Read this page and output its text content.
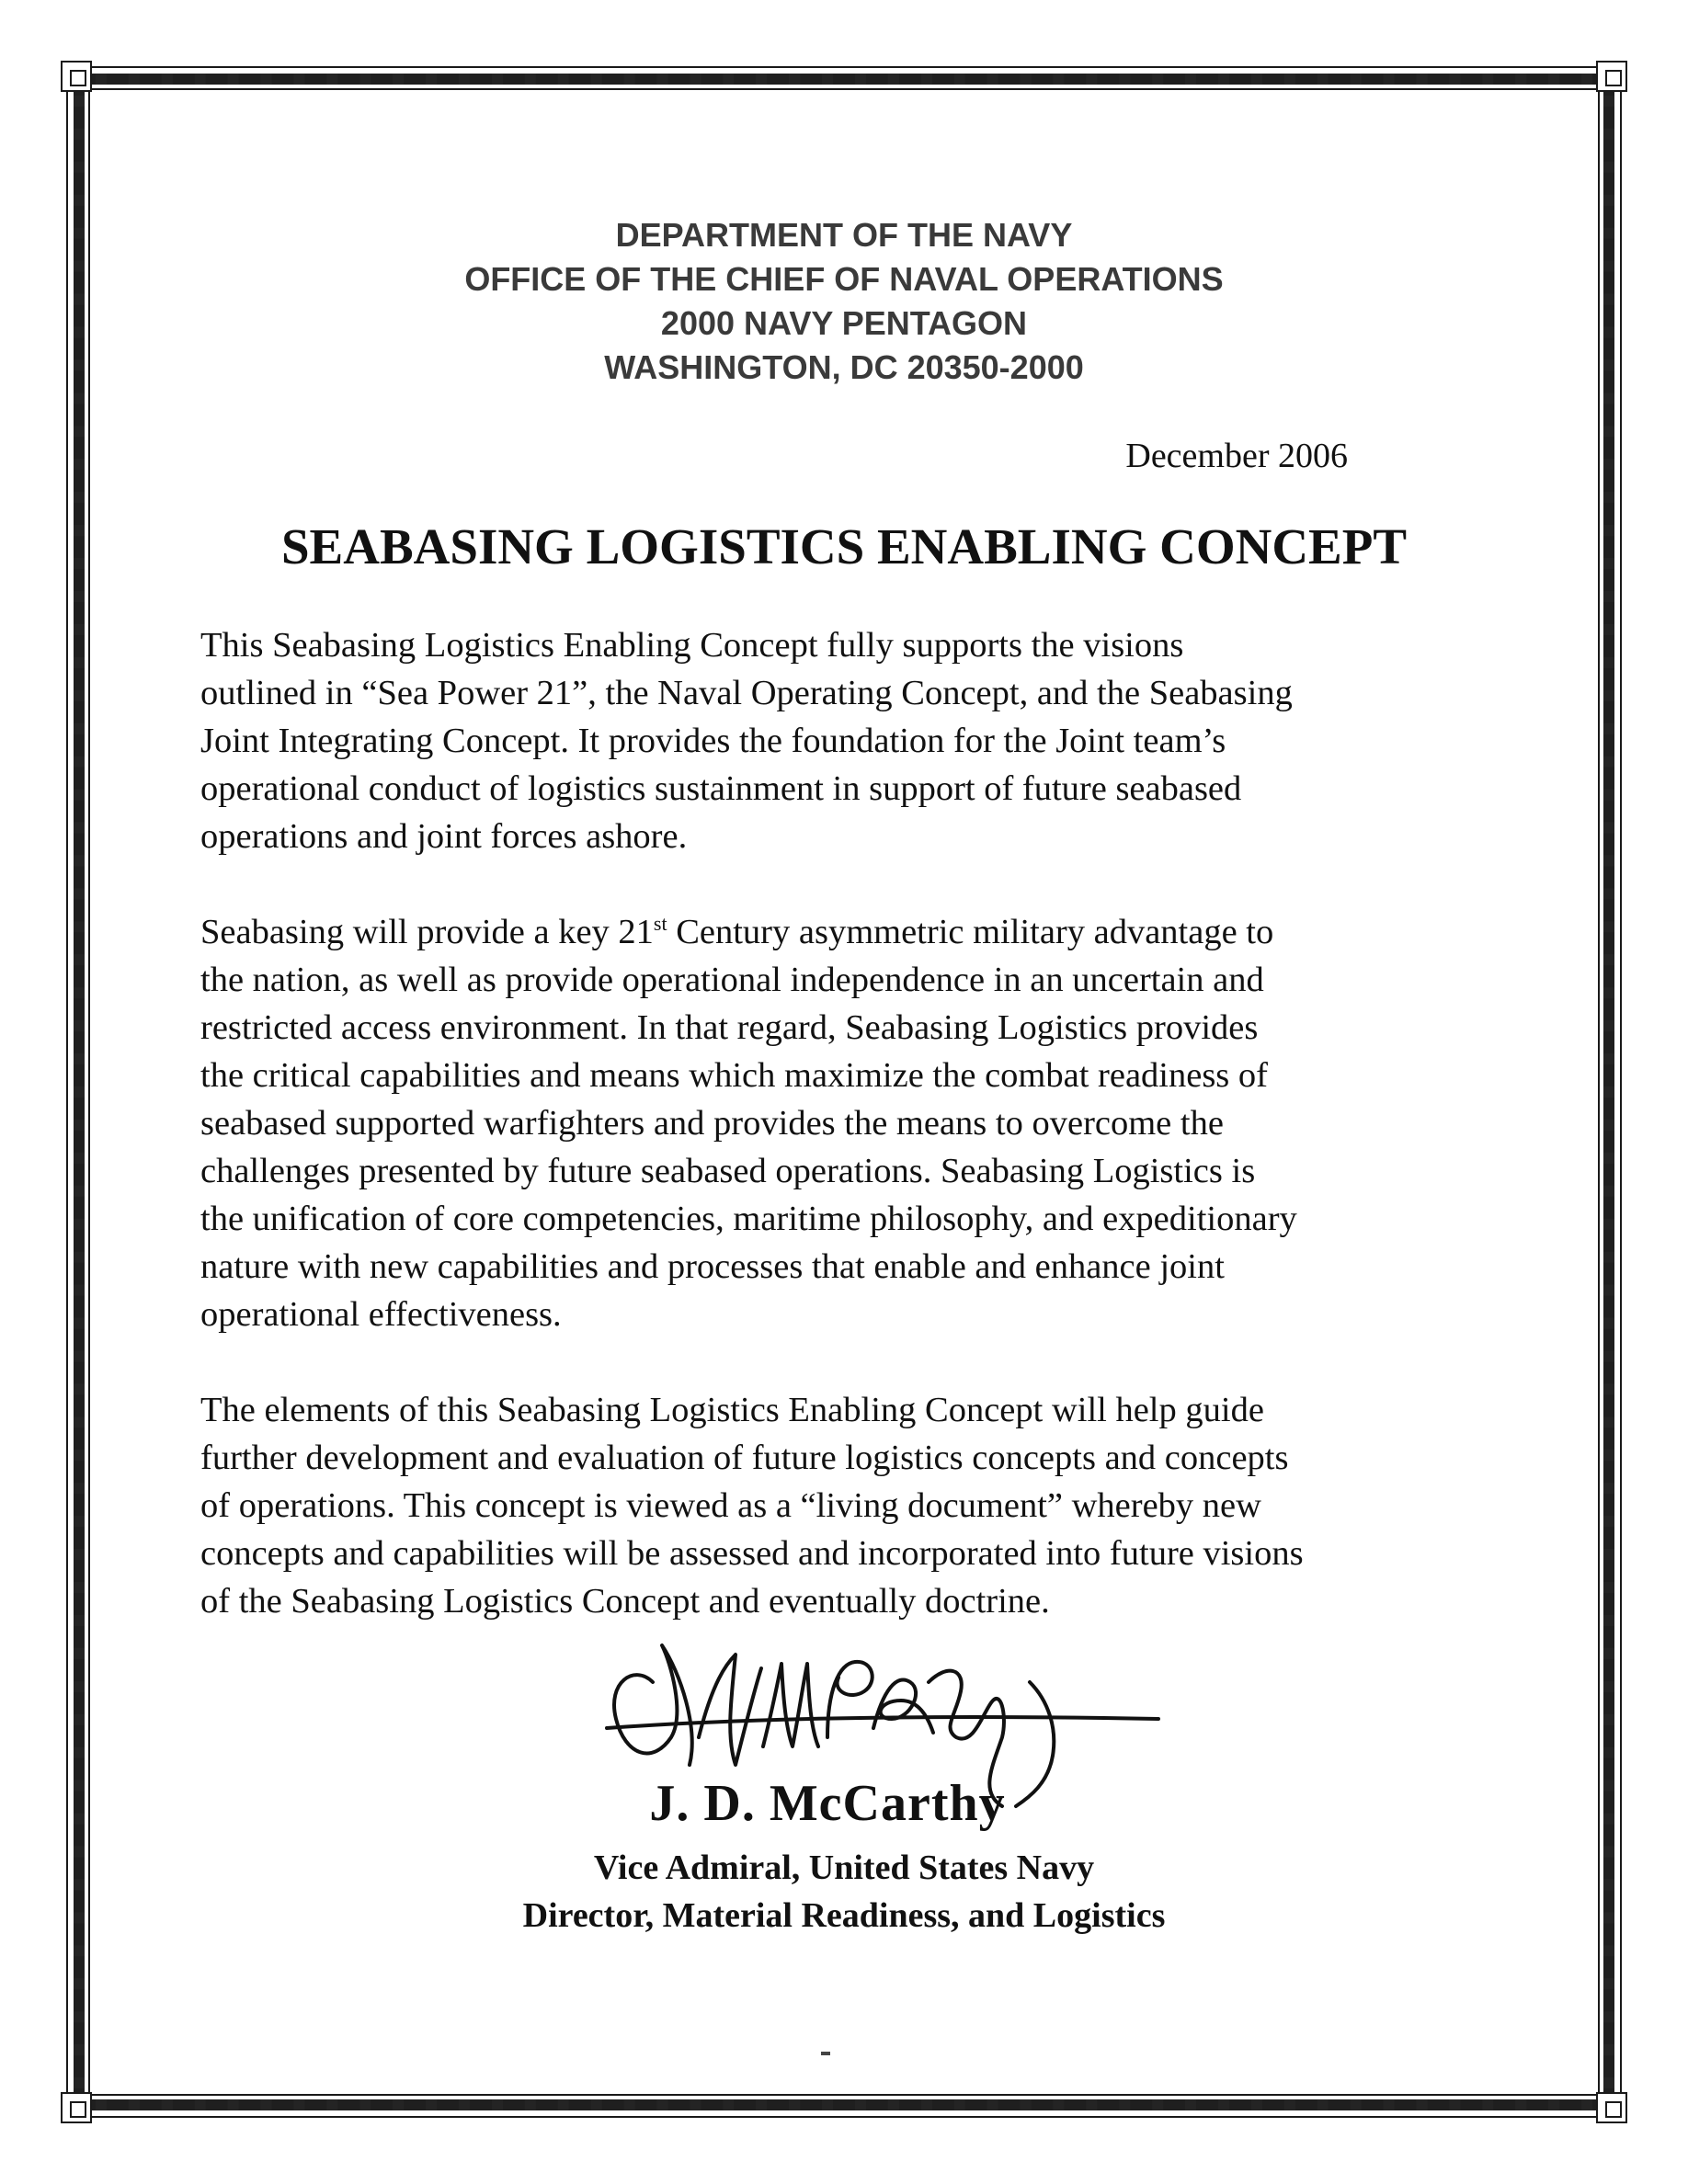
DEPARTMENT OF THE NAVY
OFFICE OF THE CHIEF OF NAVAL OPERATIONS
2000 NAVY PENTAGON
WASHINGTON, DC 20350-2000
December 2006
SEABASING LOGISTICS ENABLING CONCEPT

This Seabasing Logistics Enabling Concept fully supports the visions
outlined in “Sea Power 21”, the Naval Operating Concept, and the Seabasing
Joint Integrating Concept. It provides the foundation for the Joint team’s
operational conduct of logistics sustainment in support of future seabased
operations and joint forces ashore.

Seabasing will provide a key 21st Century asymmetric military advantage to
the nation, as well as provide operational independence in an uncertain and
restricted access environment. In that regard, Seabasing Logistics provides
the critical capabilities and means which maximize the combat readiness of
seabased supported warfighters and provides the means to overcome the
challenges presented by future seabased operations. Seabasing Logistics is
the unification of core competencies, maritime philosophy, and expeditionary
nature with new capabilities and processes that enable and enhance joint
operational effectiveness.

The elements of this Seabasing Logistics Enabling Concept will help guide
further development and evaluation of future logistics concepts and concepts
of operations. This concept is viewed as a “living document” whereby new
concepts and capabilities will be assessed and incorporated into future visions
of the Seabasing Logistics Concept and eventually doctrine.

J. D. McCarthy
Vice Admiral, United States Navy
Director, Material Readiness, and Logistics
